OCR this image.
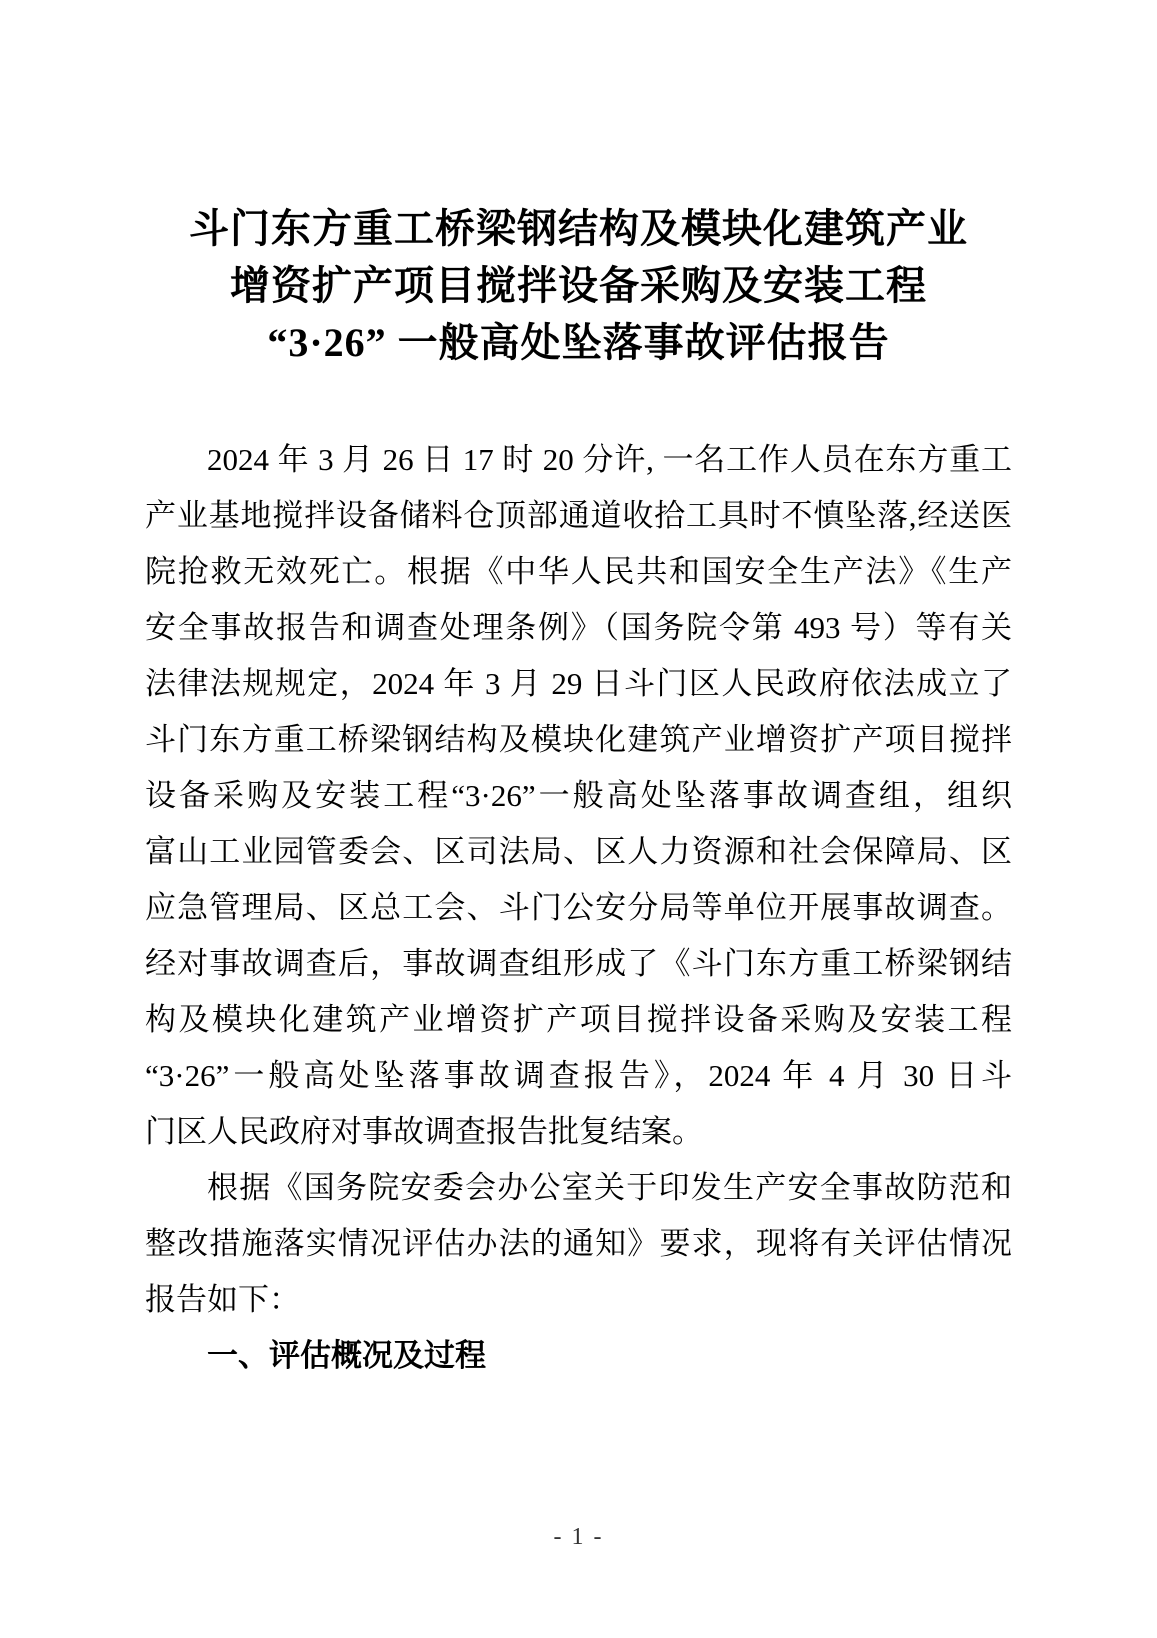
斗门东方重工桥梁钢结构及模块化建筑产业
增资扩产项目搅拌设备采购及安装工程
“3·26” 一般高处坠落事故评估报告
2024 年 3 月 26 日 17 时 20 分许, 一名工作人员在东方重工
产业基地搅拌设备储料仓顶部通道收拾工具时不慎坠落,经送医
院抢救无效死亡。根据《中华人民共和国安全生产法》《生产
安全事故报告和调查处理条例》（国务院令第 493 号）等有关
法律法规规定，2024 年 3 月 29 日斗门区人民政府依法成立了
斗门东方重工桥梁钢结构及模块化建筑产业增资扩产项目搅拌
设备采购及安装工程“3·26”一般高处坠落事故调查组，组织
富山工业园管委会、区司法局、区人力资源和社会保障局、区
应急管理局、区总工会、斗门公安分局等单位开展事故调查。
经对事故调查后，事故调查组形成了《斗门东方重工桥梁钢结
构及模块化建筑产业增资扩产项目搅拌设备采购及安装工程
“3·26”一般高处坠落事故调查报告》，2024 年 4 月 30 日斗
门区人民政府对事故调查报告批复结案。
根据《国务院安委会办公室关于印发生产安全事故防范和
整改措施落实情况评估办法的通知》要求，现将有关评估情况
报告如下：
一、评估概况及过程
- 1 -
